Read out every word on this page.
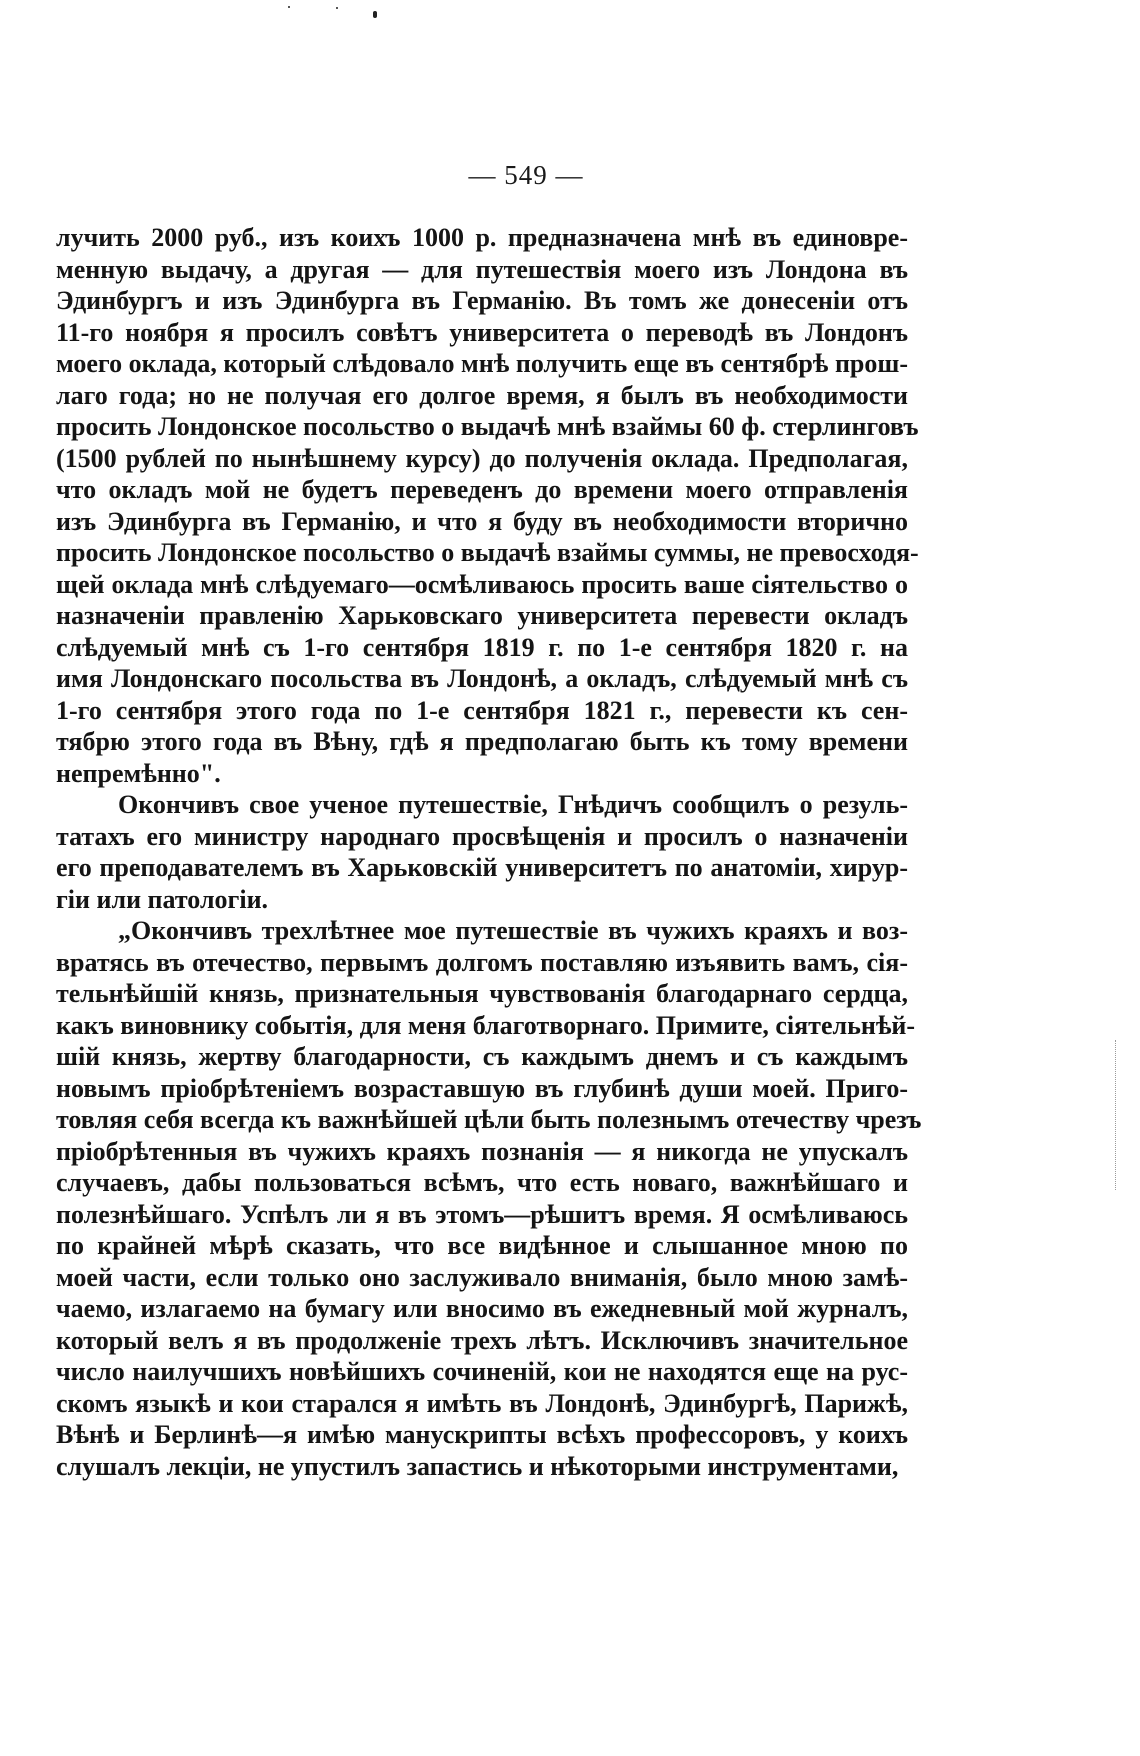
— 549 —
лучить 2000 руб., изъ коихъ 1000 р. предназначена мнѣ въ единовре-
менную выдачу, а другая — для путешествія моего изъ Лондона въ
Эдинбургъ и изъ Эдинбурга въ Германію. Въ томъ же донесеніи отъ
11-го ноября я просилъ совѣтъ университета о переводѣ въ Лондонъ
моего оклада, который слѣдовало мнѣ получить еще въ сентябрѣ прош-
лаго года; но не получая его долгое время, я былъ въ необходимости
просить Лондонское посольство о выдачѣ мнѣ взаймы 60 ф. стерлинговъ
(1500 рублей по нынѣшнему курсу) до полученія оклада. Предполагая,
что окладъ мой не будетъ переведенъ до времени моего отправленія
изъ Эдинбурга въ Германію, и что я буду въ необходимости вторично
просить Лондонское посольство о выдачѣ взаймы суммы, не превосходя-
щей оклада мнѣ слѣдуемаго—осмѣливаюсь просить ваше сіятельство о
назначеніи правленію Харьковскаго университета перевести окладъ
слѣдуемый мнѣ съ 1-го сентября 1819 г. по 1-е сентября 1820 г. на
имя Лондонскаго посольства въ Лондонѣ, а окладъ, слѣдуемый мнѣ съ
1-го сентября этого года по 1-е сентября 1821 г., перевести къ сен-
тябрю этого года въ Вѣну, гдѣ я предполагаю быть къ тому времени
непремѣнно".
Окончивъ свое ученое путешествіе, Гнѣдичъ сообщилъ о резуль-
татахъ его министру народнаго просвѣщенія и просилъ о назначеніи
его преподавателемъ въ Харьковскій университетъ по анатоміи, хирур-
гіи или патологіи.
„Окончивъ трехлѣтнее мое путешествіе въ чужихъ краяхъ и воз-
вратясь въ отечество, первымъ долгомъ поставляю изъявить вамъ, сія-
тельнѣйшій князь, признательныя чувствованія благодарнаго сердца,
какъ виновнику событія, для меня благотворнаго. Примите, сіятельнѣй-
шій князь, жертву благодарности, съ каждымъ днемъ и съ каждымъ
новымъ пріобрѣтеніемъ возраставшую въ глубинѣ души моей. Приго-
товляя себя всегда къ важнѣйшей цѣли быть полезнымъ отечеству чрезъ
пріобрѣтенныя въ чужихъ краяхъ познанія — я никогда не упускалъ
случаевъ, дабы пользоваться всѣмъ, что есть новаго, важнѣйшаго и
полезнѣйшаго. Успѣлъ ли я въ этомъ—рѣшитъ время. Я осмѣливаюсь
по крайней мѣрѣ сказать, что все видѣнное и слышанное мною по
моей части, если только оно заслуживало вниманія, было мною замѣ-
чаемо, излагаемо на бумагу или вносимо въ ежедневный мой журналъ,
который велъ я въ продолженіе трехъ лѣтъ. Исключивъ значительное
число наилучшихъ новѣйшихъ сочиненій, кои не находятся еще на рус-
скомъ языкѣ и кои старался я имѣть въ Лондонѣ, Эдинбургѣ, Парижѣ,
Вѣнѣ и Берлинѣ—я имѣю манускрипты всѣхъ профессоровъ, у коихъ
слушалъ лекціи, не упустилъ запастись и нѣкоторыми инструментами,
